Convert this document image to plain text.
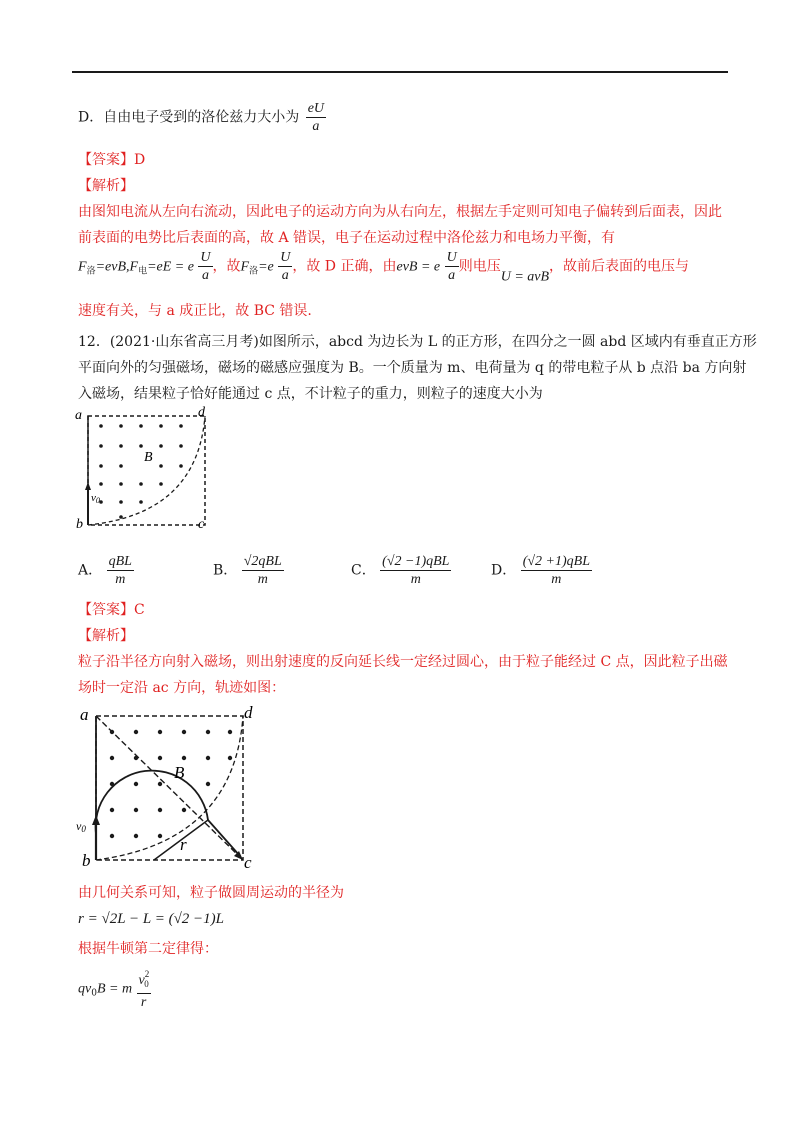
D．自由电子受到的洛伦兹力大小为 $\frac{eU}{a}$
【答案】D
【解析】
由图知电流从左向右流动，因此电子的运动方向为从右向左，根据左手定则可知电子偏转到后面表，因此
前表面的电势比后表面的高，故 A 错误，电子在运动过程中洛伦兹力和电场力平衡，有
$F_洛=evB,F_电=eE = e \frac{U}{a}$ ，故$F_洛=e \frac{U}{a}$ ，故 D 正确，由evB = e $\frac{U}{a}$ 则电压U = avB，故前后表面的电压与
速度有关，与 a 成正比，故 BC 错误.
12．(2021·山东省高三月考)如图所示，abcd 为边长为 L 的正方形，在四分之一圆 abd 区域内有垂直正方形
平面向外的匀强磁场，磁场的磁感应强度为 B。一个质量为 m、电荷量为 q 的带电粒子从 b 点沿 ba 方向射
入磁场，结果粒子恰好能通过 c 点，不计粒子的重力，则粒子的速度大小为
a
b	c
d
B
v0
A． $\frac{\text{qBL}}{m}$	B． $\frac{\text{√2qBL}}{m}$	C． $\frac{\text{(√2 −1)qBL}}{m}$	D． $\frac{\text{(√2 +1)qBL}}{m}$
【答案】C
【解析】
粒子沿半径方向射入磁场，则出射速度的反向延长线一定经过圆心，由于粒子能经过 C 点，因此粒子出磁
场时一定沿 ac 方向，轨迹如图：
a
b	c
d
B
r
v0
由几何关系可知，粒子做圆周运动的半径为
r = √2L − L = (√2 −1)L
根据牛顿第二定律得：
$qv_0B = m \frac{v^2_0}{r}$
